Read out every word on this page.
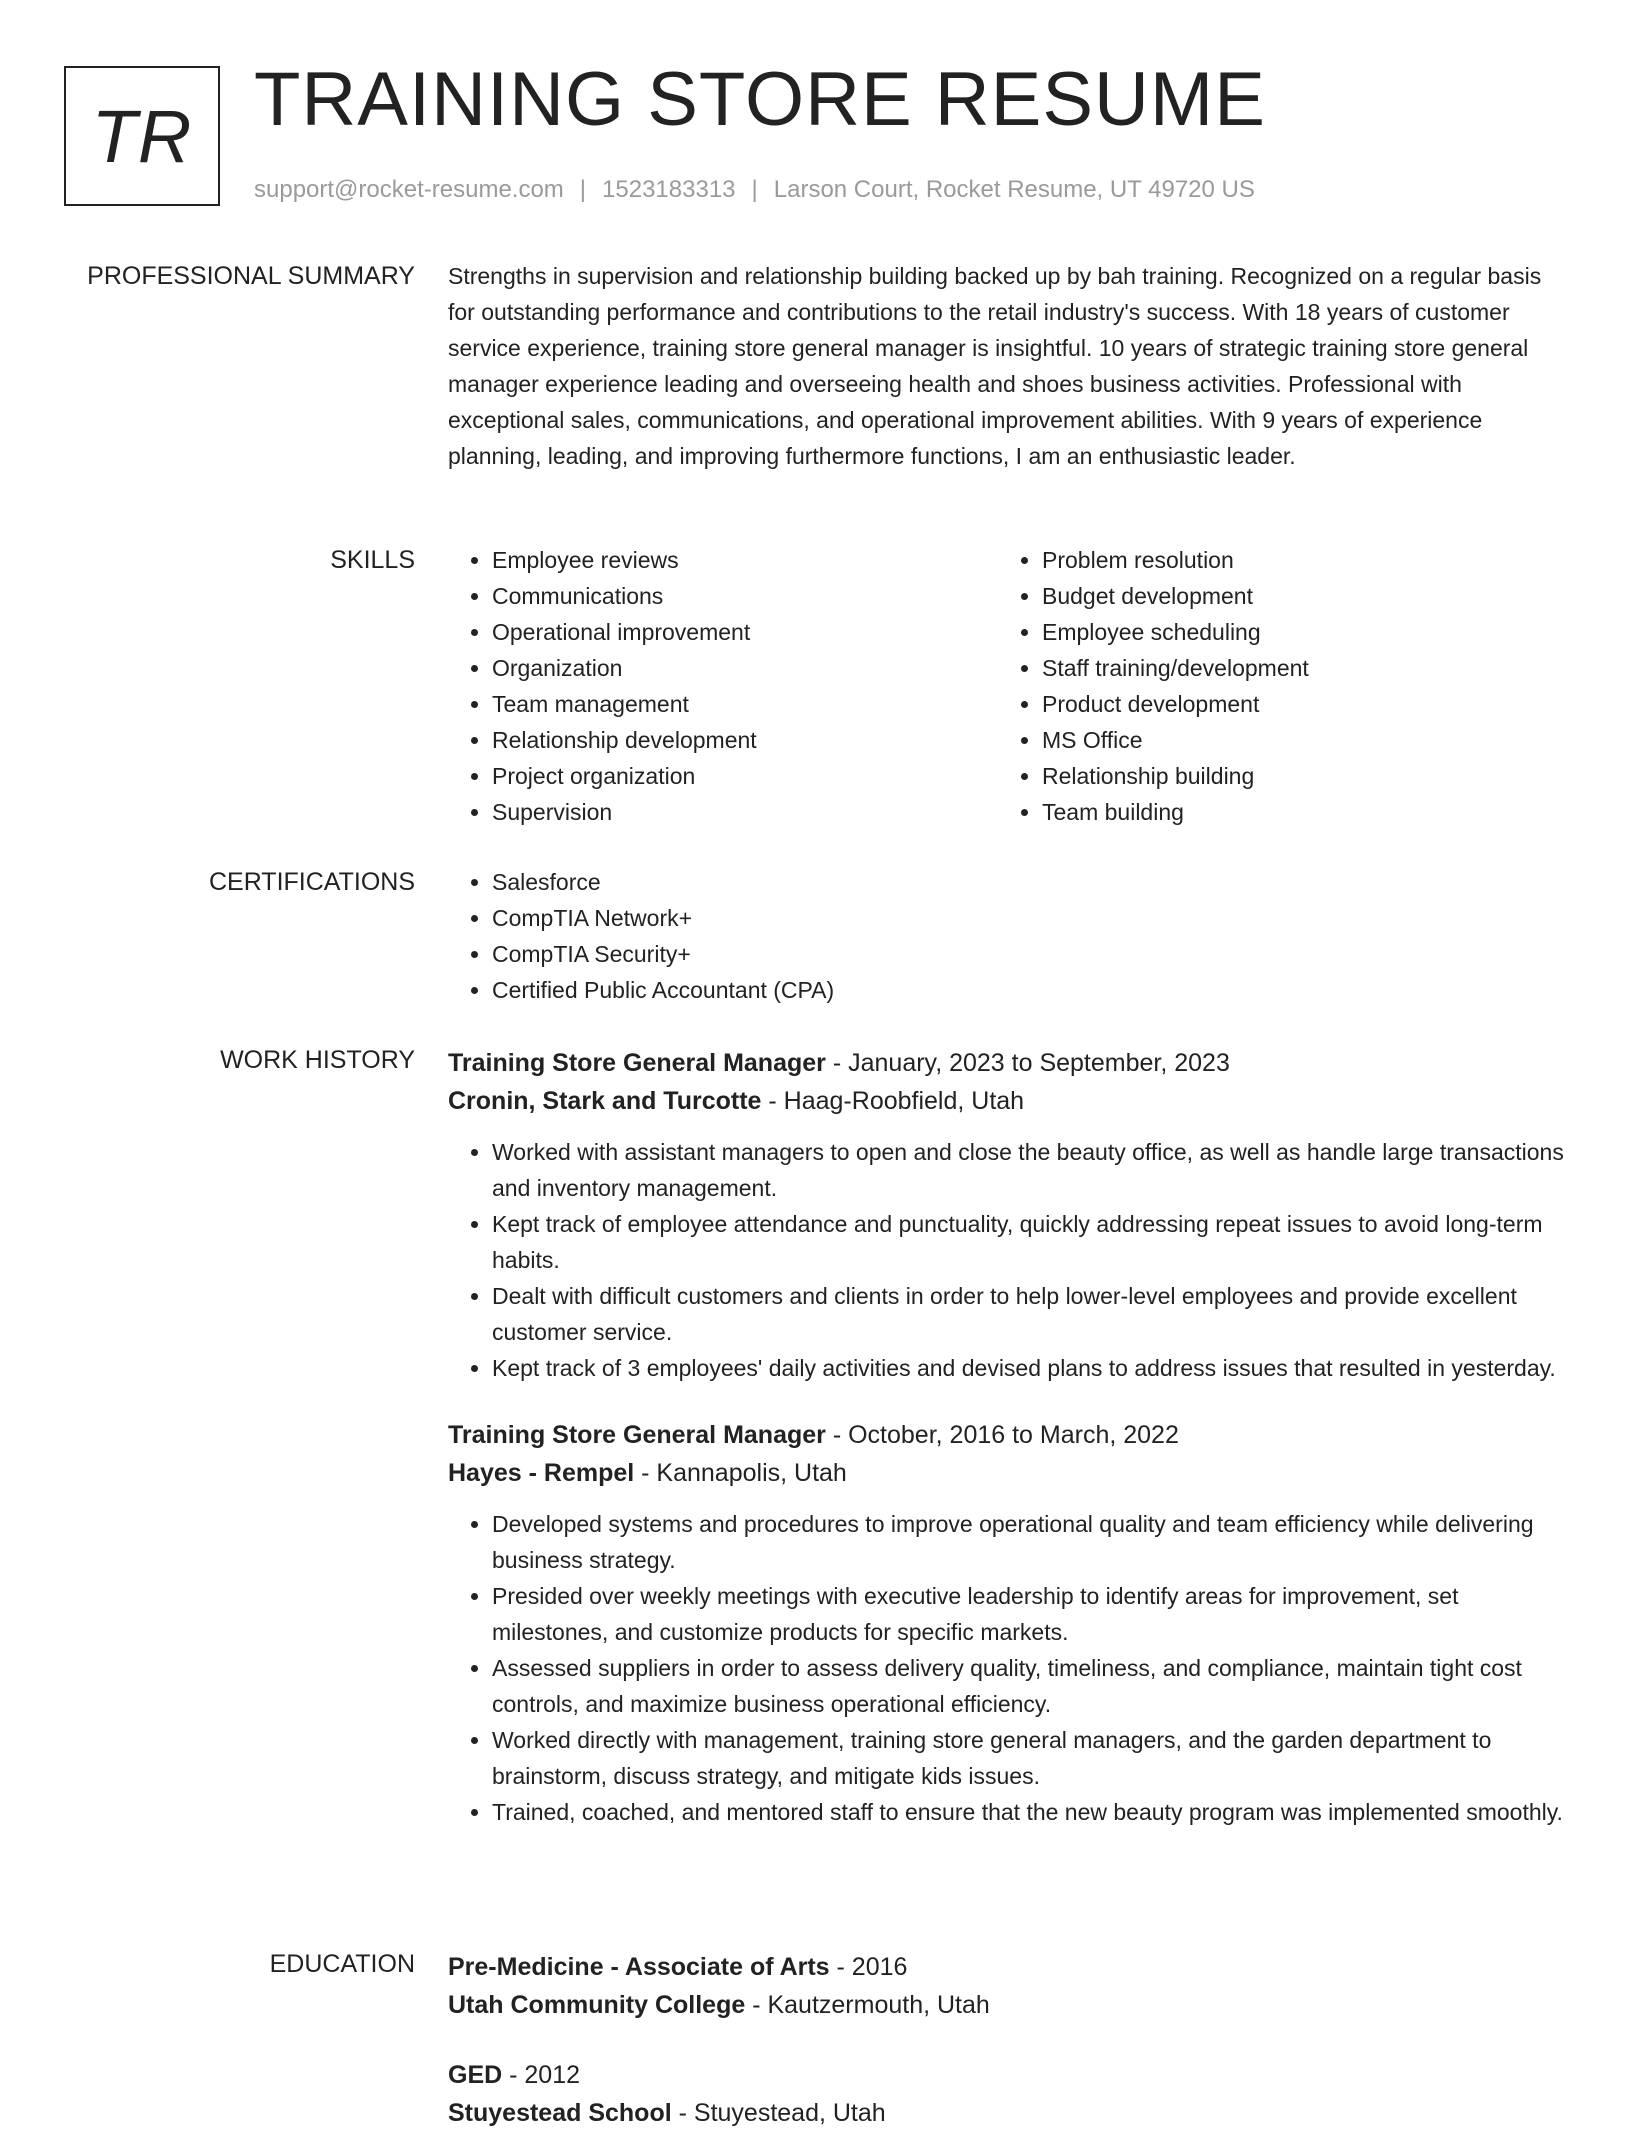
TR TRAINING STORE RESUME
support@rocket-resume.com | 1523183313 | Larson Court, Rocket Resume, UT 49720 US
PROFESSIONAL SUMMARY Strengths in supervision and relationship building backed up by bah training. Recognized on a regular basis for outstanding performance and contributions to the retail industry's success. With 18 years of customer service experience, training store general manager is insightful. 10 years of strategic training store general manager experience leading and overseeing health and shoes business activities. Professional with exceptional sales, communications, and operational improvement abilities. With 9 years of experience planning, leading, and improving furthermore functions, I am an enthusiastic leader.
SKILLS	• Employee reviews
• Communications
• Operational improvement
• Organization
• Team management
• Relationship development
• Project organization
• Supervision
• Problem resolution
• Budget development
• Employee scheduling
• Staff training/development
• Product development
• MS Office
• Relationship building
• Team building
CERTIFICATIONS	• Salesforce
• CompTIA Network+
• CompTIA Security+
• Certified Public Accountant (CPA)
WORK HISTORY Training Store General Manager - January, 2023 to September, 2023
Cronin, Stark and Turcotte - Haag-Roobfield, Utah
• Worked with assistant managers to open and close the beauty office, as well as handle large transactions and inventory management.
• Kept track of employee attendance and punctuality, quickly addressing repeat issues to avoid long-term habits.
• Dealt with difficult customers and clients in order to help lower-level employees and provide excellent customer service.
• Kept track of 3 employees' daily activities and devised plans to address issues that resulted in yesterday.
Training Store General Manager - October, 2016 to March, 2022
Hayes - Rempel - Kannapolis, Utah
• Developed systems and procedures to improve operational quality and team efficiency while delivering business strategy.
• Presided over weekly meetings with executive leadership to identify areas for improvement, set milestones, and customize products for specific markets.
• Assessed suppliers in order to assess delivery quality, timeliness, and compliance, maintain tight cost controls, and maximize business operational efficiency.
• Worked directly with management, training store general managers, and the garden department to brainstorm, discuss strategy, and mitigate kids issues.
• Trained, coached, and mentored staff to ensure that the new beauty program was implemented smoothly.
EDUCATION Pre-Medicine - Associate of Arts - 2016
Utah Community College - Kautzermouth, Utah
GED - 2012
Stuyestead School - Stuyestead, Utah
